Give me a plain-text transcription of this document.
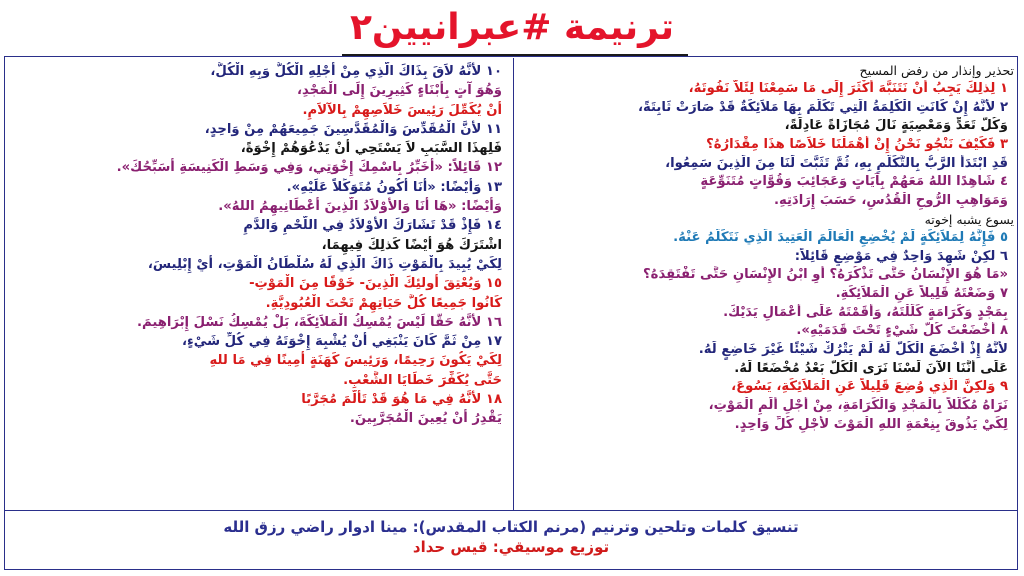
ترنيمة #عبرانيين٢
تحذير وإنذار من رفض المسيح
١ لِذلِكَ يَجِبُ أَنْ نَتَنَبَّهَ أَكْثَرَ إِلَى مَا سَمِعْنَا لِئَلاَّ نَفُوتَهُ،
٢ لأَنَّهُ إِنْ كَانَتِ الْكَلِمَةُ الَّتِي تَكَلَّمَ بِهَا مَلاَئِكَةٌ قَدْ صَارَتْ ثَابِتَةً،
وَكُلُّ تَعَدٍّ وَمَعْصِيَةٍ نَالَ مُجَازَاةً عَادِلَةً،
٣ فَكَيْفَ نَنْجُو نَحْنُ إِنْ أَهْمَلْنَا خَلاَصًا هذَا مِقْدَارُهُ؟
قَدِ ابْتَدَأَ الرَّبُّ بِالتَّكَلُّمِ بِهِ، ثُمَّ تَثَبَّتَ لَنَا مِنَ الَّذِينَ سَمِعُوا،
٤ شَاهِدًا اللهُ مَعَهُمْ بِآيَاتٍ وَعَجَائِبَ وَقُوَّاتٍ مُتَنَوِّعَةٍ
وَمَوَاهِبِ الرُّوحِ الْقُدُسِ، حَسَبَ إِرَادَتِهِ.
يسوع يشبه إخوته
٥ فَإِنَّهُ لِمَلاَئِكَةٍ لَمْ يُخْضِعِ الْعَالَمَ الْعَتِيدَ الَّذِي نَتَكَلَّمُ عَنْهُ.
٦ لكِنْ شَهِدَ وَاحِدٌ فِي مَوْضِعٍ قَائِلاً:
«مَا هُوَ الإِنْسَانُ حَتَّى تَذْكُرَهُ؟ أَوِ ابْنُ الإِنْسَانِ حَتَّى تَفْتَقِدَهُ؟
٧ وَضَعْتَهُ قَلِيلاً عَنِ الْمَلاَئِكَةِ.
بِمَجْدٍ وَكَرَامَةٍ كَلَّلْتَهُ، وَأَقَمْتَهُ عَلَى أَعْمَالِ يَدَيْكَ.
٨ أَخْضَعْتَ كُلَّ شَيْءٍ تَحْتَ قَدَمَيْهِ».
لأَنَّهُ إِذْ أَخْضَعَ الْكُلَّ لَهُ لَمْ يَتْرُكْ شَيْئًا غَيْرَ خَاضِعٍ لَهُ.
عَلَى أَنَّنَا الآنَ لَسْنَا نَرَى الْكُلَّ بَعْدُ مُخْضَعًا لَهُ.
٩ وَلكِنَّ الَّذِي وُضِعَ قَلِيلاً عَنِ الْمَلاَئِكَةِ، يَسُوعَ،
نَرَاهُ مُكَلَّلاً بِالْمَجْدِ وَالْكَرَامَةِ، مِنْ أَجْلِ أَلَمِ الْمَوْتِ،
لِكَيْ يَذُوقَ بِنِعْمَةِ اللهِ الْمَوْتَ لأَجْلِ كُلِّ وَاحِدٍ.
١٠ لأَنَّهُ لاَقَ بِذَاكَ الَّذِي مِنْ أَجْلِهِ الْكُلُّ وَبِهِ الْكُلُّ،
وَهُوَ آتٍ بِأَبْنَاءٍ كَثِيرِينَ إِلَى الْمَجْدِ،
أَنْ يُكَمِّلَ رَئِيسَ خَلاَصِهِمْ بِالآلاَمِ.
١١ لأَنَّ الْمُقَدِّسَ وَالْمُقَدَّسِينَ جَمِيعَهُمْ مِنْ وَاحِدٍ،
فَلِهذَا السَّبَبِ لاَ يَسْتَحِي أَنْ يَدْعُوَهُمْ إِخْوَةً،
١٢ قَائِلاً: «أُخَبِّرُ بِاسْمِكَ إِخْوَتِي، وَفِي وَسَطِ الْكَنِيسَةِ أُسَبِّحُكَ».
١٣ وَأَيْضًا: «أَنَا أَكُونُ مُتَوَكِّلاً عَلَيْهِ».
وَأَيْضًا: «هَا أَنَا وَالأَوْلاَدُ الَّذِينَ أَعْطَانِيهِمُ اللهُ».
١٤ فَإِذْ قَدْ تَشَارَكَ الأَوْلاَدُ فِي اللَّحْمِ وَالدَّمِ
اشْتَرَكَ هُوَ أَيْضًا كَذلِكَ فِيهِمَا،
لِكَيْ يُبِيدَ بِالْمَوْتِ ذَاكَ الَّذِي لَهُ سُلْطَانُ الْمَوْتِ، أَيْ إِبْلِيسَ،
١٥ وَيُعْتِقَ أُولئِكَ الَّذِينَ- خَوْفًا مِنَ الْمَوْتِ-
كَانُوا جَمِيعًا كُلَّ حَيَاتِهِمْ تَحْتَ الْعُبُودِيَّةِ.
١٦ لأَنَّهُ حَقًّا لَيْسَ يُمْسِكُ الْمَلاَئِكَةَ، بَلْ يُمْسِكُ نَسْلَ إِبْرَاهِيمَ.
١٧ مِنْ ثَمَّ كَانَ يَنْبَغِي أَنْ يُشْبِهَ إِخْوَتَهُ فِي كُلِّ شَيْءٍ،
لِكَيْ يَكُونَ رَحِيمًا، وَرَئِيسَ كَهَنَةٍ أَمِينًا فِي مَا للهِ
حَتَّى يُكَفِّرَ خَطَايَا الشَّعْبِ.
١٨ لأَنَّهُ فِي مَا هُوَ قَدْ تَأَلَّمَ مُجَرَّبًا
يَقْدِرُ أَنْ يُعِينَ الْمُجَرَّبِينَ.
تنسيق كلمات وتلحين وترنيم (مرنم الكتاب المقدس): مينا ادوار راضي رزق الله
توزيع موسيقي: قيس حداد
